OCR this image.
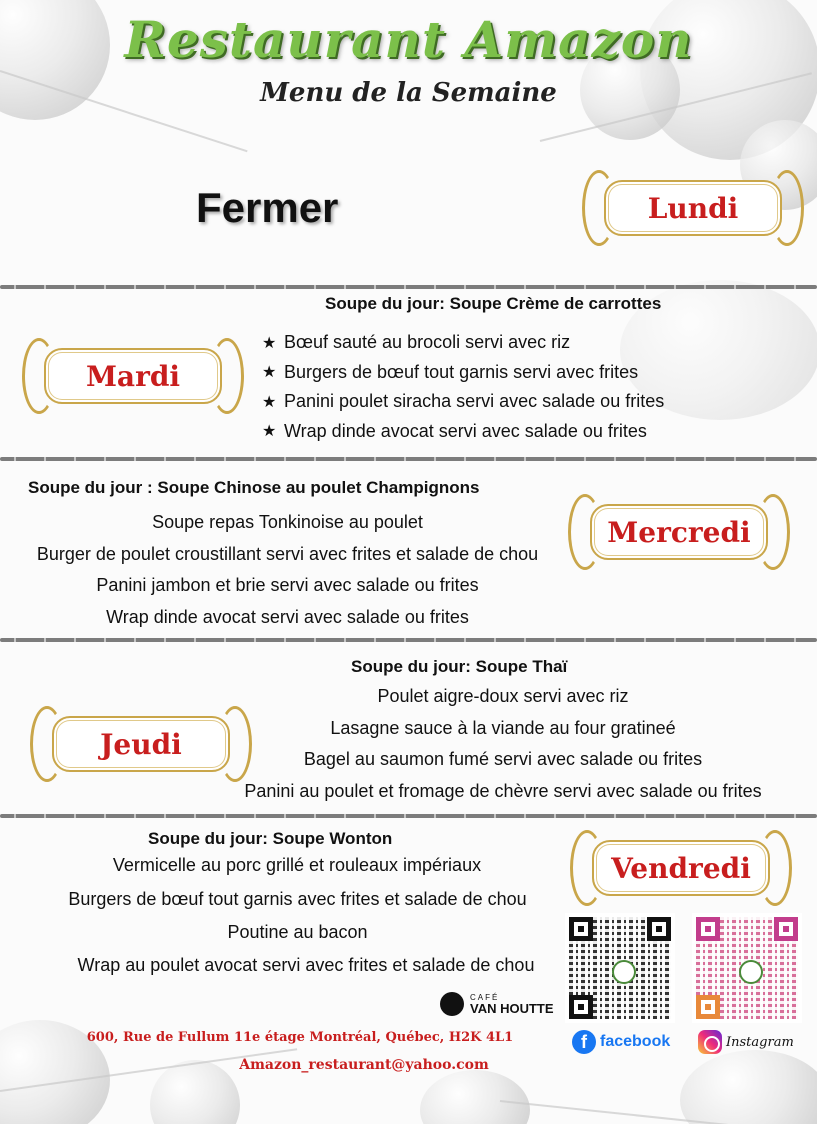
Restaurant Amazon
Menu de la Semaine
Fermer	Lundi
Soupe du jour: Soupe Crème de carrottes
Mardi
★ Bœuf sauté au brocoli servi avec riz
★ Burgers de bœuf tout garnis servi avec frites
★ Panini poulet siracha servi avec salade ou frites
★ Wrap dinde avocat servi avec salade ou frites
Soupe du jour : Soupe Chinose au poulet Champignons
Soupe repas Tonkinoise au poulet
Burger de poulet croustillant servi avec frites et salade de chou
Panini jambon et brie servi avec salade ou frites
Wrap dinde avocat servi avec salade ou frites
Mercredi
Soupe du jour: Soupe Thaï
Poulet aigre-doux servi avec riz
Lasagne sauce à la viande au four gratineé
Bagel au saumon fumé servi avec salade ou frites
Panini au poulet et fromage de chèvre servi avec salade ou frites
Jeudi
Soupe du jour: Soupe Wonton
Vermicelle au porc grillé et rouleaux impériaux
Burgers de bœuf tout garnis avec frites et salade de chou
Poutine au bacon
Wrap au poulet avocat servi avec frites et salade de chou
Vendredi
CAFÉ
VAN HOUTTE
f facebook	Instagram
600, Rue de Fullum 11e étage Montréal, Québec, H2K 4L1
Amazon_restaurant@yahoo.com
